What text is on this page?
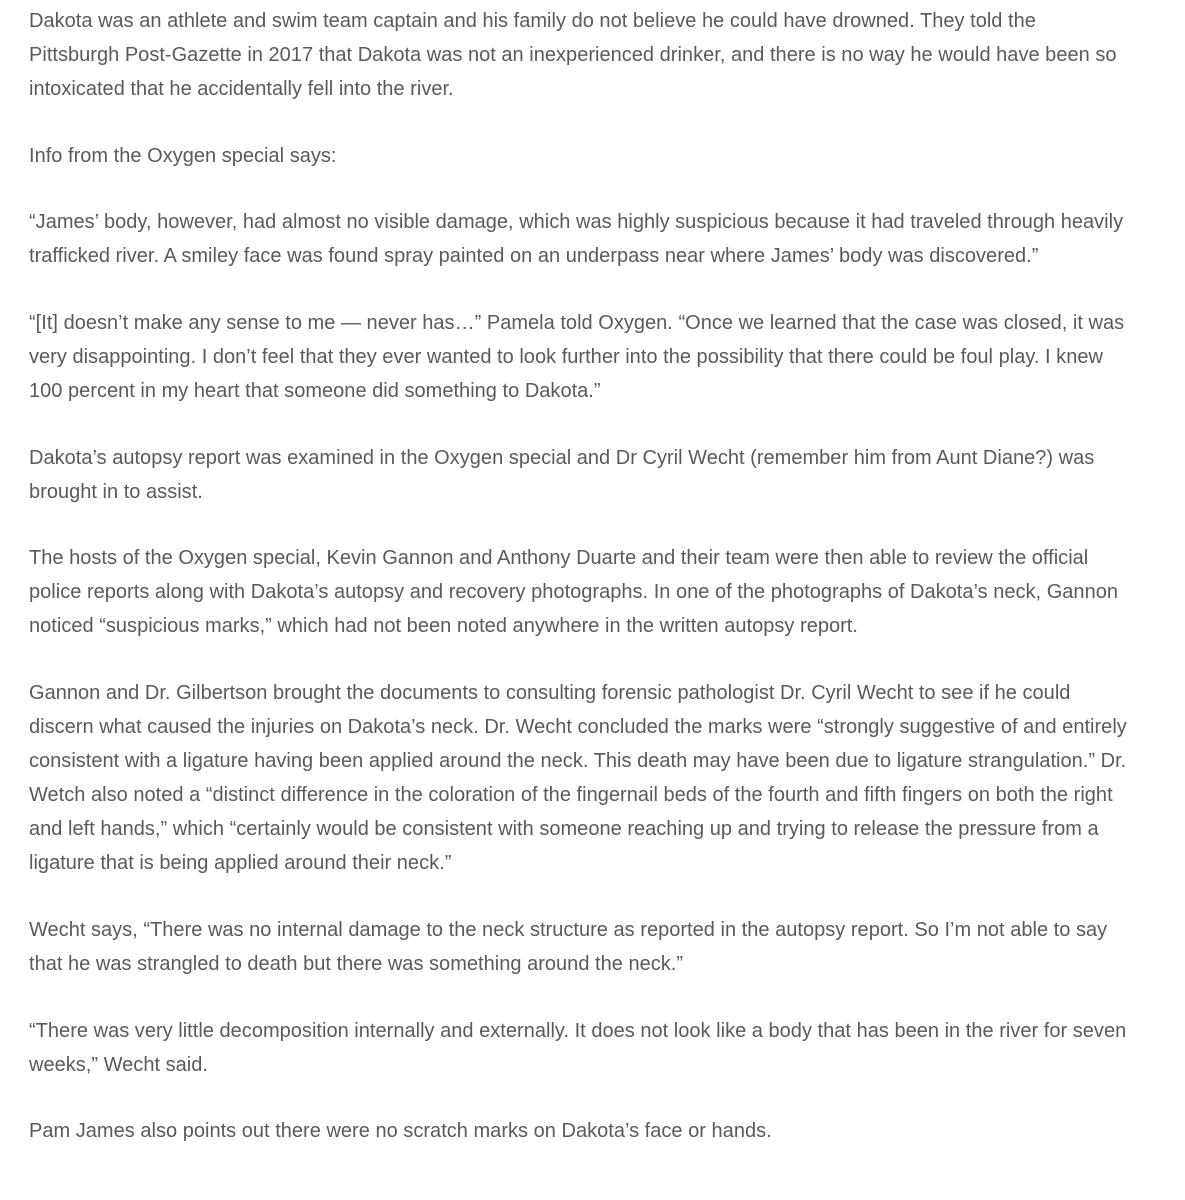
Dakota was an athlete and swim team captain and his family do not believe he could have drowned. They told the Pittsburgh Post-Gazette in 2017 that Dakota was not an inexperienced drinker, and there is no way he would have been so intoxicated that he accidentally fell into the river.

Info from the Oxygen special says:

“James’ body, however, had almost no visible damage, which was highly suspicious because it had traveled through heavily trafficked river. A smiley face was found spray painted on an underpass near where James’ body was discovered.”

“[It] doesn’t make any sense to me — never has…” Pamela told Oxygen. “Once we learned that the case was closed, it was very disappointing. I don’t feel that they ever wanted to look further into the possibility that there could be foul play. I knew 100 percent in my heart that someone did something to Dakota.”

Dakota’s autopsy report was examined in the Oxygen special and Dr Cyril Wecht (remember him from Aunt Diane?) was brought in to assist.

The hosts of the Oxygen special, Kevin Gannon and Anthony Duarte and their team were then able to review the official police reports along with Dakota’s autopsy and recovery photographs. In one of the photographs of Dakota’s neck, Gannon noticed “suspicious marks,” which had not been noted anywhere in the written autopsy report.

Gannon and Dr. Gilbertson brought the documents to consulting forensic pathologist Dr. Cyril Wecht to see if he could discern what caused the injuries on Dakota’s neck. Dr. Wecht concluded the marks were “strongly suggestive of and entirely consistent with a ligature having been applied around the neck. This death may have been due to ligature strangulation.” Dr. Wetch also noted a “distinct difference in the coloration of the fingernail beds of the fourth and fifth fingers on both the right and left hands,” which “certainly would be consistent with someone reaching up and trying to release the pressure from a ligature that is being applied around their neck.”

Wecht says, “There was no internal damage to the neck structure as reported in the autopsy report. So I’m not able to say that he was strangled to death but there was something around the neck.”

“There was very little decomposition internally and externally. It does not look like a body that has been in the river for seven weeks,” Wecht said.

Pam James also points out there were no scratch marks on Dakota’s face or hands.
